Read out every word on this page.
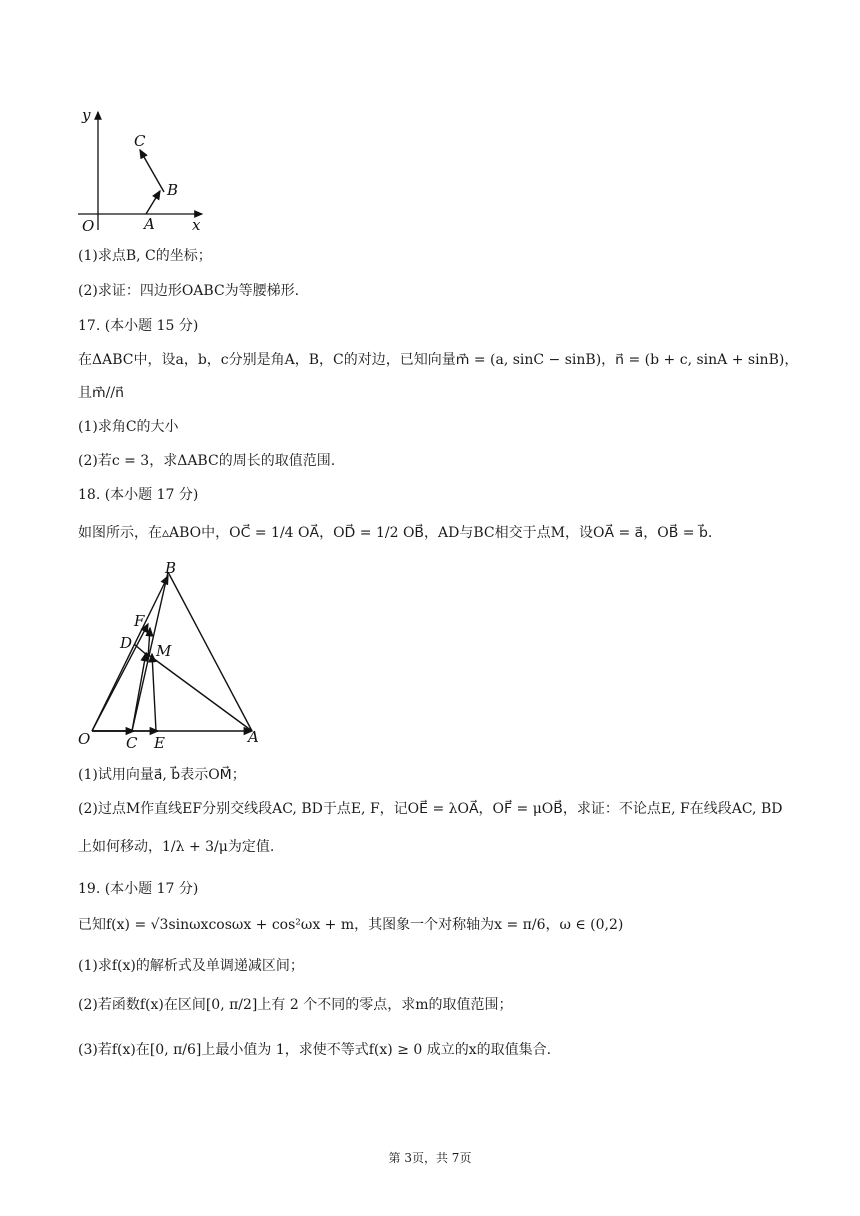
y
x
O	A
B
C
(1)求点B, C的坐标；
(2)求证：四边形OABC为等腰梯形.
17. (本小题 15 分)
在ΔABC中，设a，b，c分别是角A，B，C的对边，已知向量m⃗ = (a, sinC − sinB)，n⃗ = (b + c, sinA + sinB)，
且m⃗//n⃗
(1)求角C的大小
(2)若c = 3，求ΔABC的周长的取值范围.
18. (本小题 17 分)
如图所示，在▵ABO中，OC⃗ = 1/4 OA⃗，OD⃗ = 1/2 OB⃗，AD与BC相交于点M，设OA⃗ = a⃗，OB⃗ = b⃗.
B
F
D M
O C E	A
(1)试用向量a⃗, b⃗表示OM⃗；
(2)过点M作直线EF分别交线段AC, BD于点E, F，记OE⃗ = λOA⃗，OF⃗ = μOB⃗，求证：不论点E, F在线段AC, BD
上如何移动，1/λ + 3/μ为定值.
19. (本小题 17 分)
已知f(x) = √3sinωxcosωx + cos²ωx + m，其图象一个对称轴为x = π/6，ω ∈ (0,2)
(1)求f(x)的解析式及单调递减区间；
(2)若函数f(x)在区间[0, π/2]上有 2 个不同的零点，求m的取值范围；
(3)若f(x)在[0, π/6]上最小值为 1，求使不等式f(x) ≥ 0 成立的x的取值集合.
第 3页，共 7页
